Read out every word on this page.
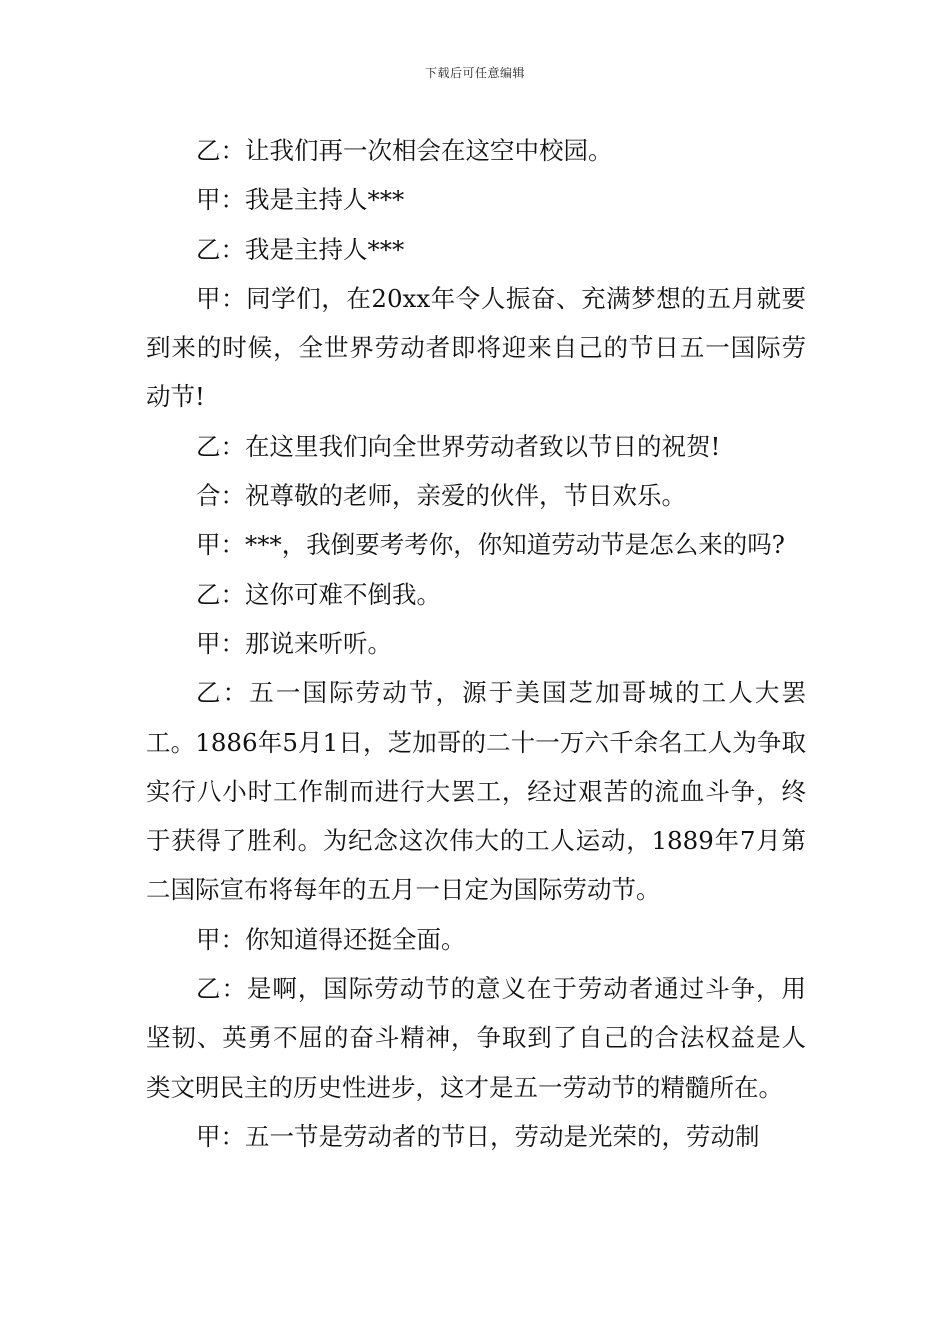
下载后可任意编辑

乙：让我们再一次相会在这空中校园。

甲：我是主持人***

乙：我是主持人***

甲：同学们，在20xx年令人振奋、充满梦想的五月就要到来的时候，全世界劳动者即将迎来自己的节日五一国际劳动节!

乙：在这里我们向全世界劳动者致以节日的祝贺!

合：祝尊敬的老师，亲爱的伙伴，节日欢乐。

甲：***，我倒要考考你，你知道劳动节是怎么来的吗?

乙：这你可难不倒我。

甲：那说来听听。

乙：五一国际劳动节，源于美国芝加哥城的工人大罢工。1886年5月1日，芝加哥的二十一万六千余名工人为争取实行八小时工作制而进行大罢工，经过艰苦的流血斗争，终于获得了胜利。为纪念这次伟大的工人运动，1889年7月第二国际宣布将每年的五月一日定为国际劳动节。

甲：你知道得还挺全面。

乙：是啊，国际劳动节的意义在于劳动者通过斗争，用坚韧、英勇不屈的奋斗精神，争取到了自己的合法权益是人类文明民主的历史性进步，这才是五一劳动节的精髓所在。

甲：五一节是劳动者的节日，劳动是光荣的，劳动制
